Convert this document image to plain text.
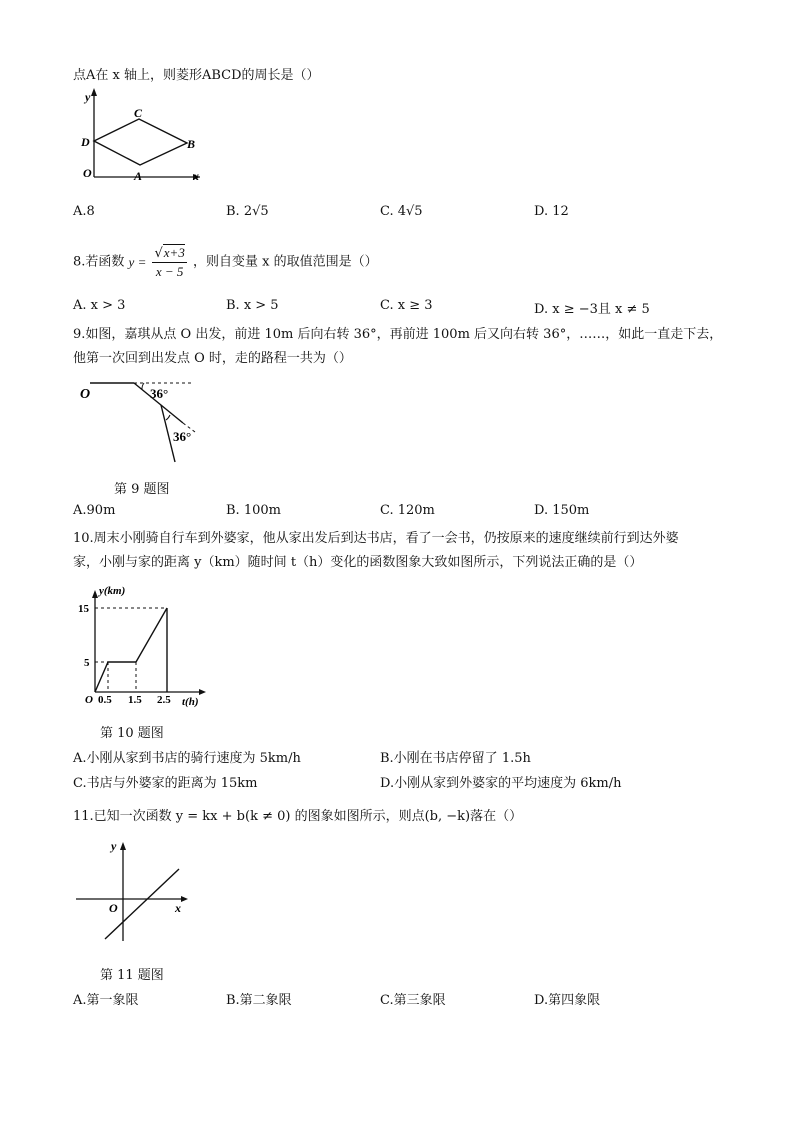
点A在 x 轴上，则菱形ABCD的周长是（）
y
x
O	A
B
C
D
A.8	B. 2√5	C. 4√5	D. 12
8.若函数 $y = \frac{√x+3}{x - 5}$ ，则自变量 x 的取值范围是（）
A. x > 3	B. x > 5	C. x ≥ 3	D. x ≥ −3且 x ≠ 5
9.如图，嘉琪从点 O 出发，前进 10m 后向右转 36°，再前进 100m 后又向右转 36°，……，如此一直走下去，
他第一次回到出发点 O 时，走的路程一共为（）
O	36°
36°
第 9 题图
A.90m	B. 100m	C. 120m	D. 150m
10.周末小刚骑自行车到外婆家，他从家出发后到达书店，看了一会书，仍按原来的速度继续前行到达外婆
家，小刚与家的距离 y（km）随时间 t（h）变化的函数图象大致如图所示，下列说法正确的是（）
y(km)
t(h)
O
15
5
0.5 1.5 2.5
第 10 题图
A.小刚从家到书店的骑行速度为 5km/h	B.小刚在书店停留了 1.5h
C.书店与外婆家的距离为 15km	D.小刚从家到外婆家的平均速度为 6km/h
11.已知一次函数 y = kx + b(k ≠ 0) 的图象如图所示，则点(b, −k)落在（）
y
x
O
第 11 题图
A.第一象限	B.第二象限	C.第三象限	D.第四象限
